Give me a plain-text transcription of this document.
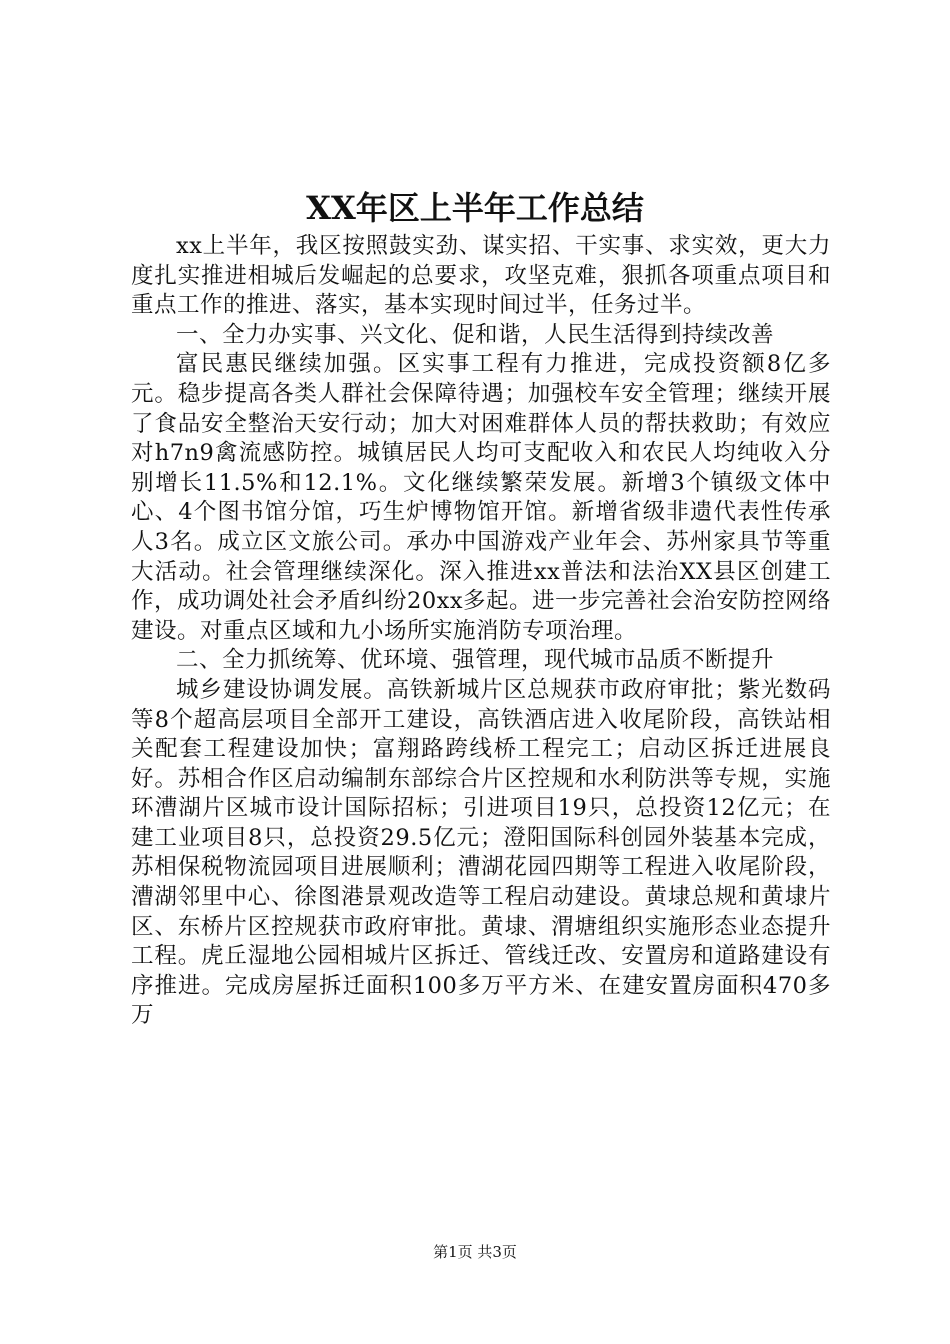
XX年区上半年工作总结

xx上半年，我区按照鼓实劲、谋实招、干实事、求实效，更大力度扎实推进相城后发崛起的总要求，攻坚克难，狠抓各项重点项目和重点工作的推进、落实，基本实现时间过半，任务过半。

一、全力办实事、兴文化、促和谐，人民生活得到持续改善

富民惠民继续加强。区实事工程有力推进，完成投资额8亿多元。稳步提高各类人群社会保障待遇；加强校车安全管理；继续开展了食品安全整治天安行动；加大对困难群体人员的帮扶救助；有效应对h7n9禽流感防控。城镇居民人均可支配收入和农民人均纯收入分别增长11.5%和12.1%。文化继续繁荣发展。新增3个镇级文体中心、4个图书馆分馆，巧生炉博物馆开馆。新增省级非遗代表性传承人3名。成立区文旅公司。承办中国游戏产业年会、苏州家具节等重大活动。社会管理继续深化。深入推进xx普法和法治XX县区创建工作，成功调处社会矛盾纠纷20xx多起。进一步完善社会治安防控网络建设。对重点区域和九小场所实施消防专项治理。

二、全力抓统筹、优环境、强管理，现代城市品质不断提升

城乡建设协调发展。高铁新城片区总规获市政府审批；紫光数码等8个超高层项目全部开工建设，高铁酒店进入收尾阶段，高铁站相关配套工程建设加快；富翔路跨线桥工程完工；启动区拆迁进展良好。苏相合作区启动编制东部综合片区控规和水利防洪等专规，实施环漕湖片区城市设计国际招标；引进项目19只，总投资12亿元；在建工业项目8只，总投资29.5亿元；澄阳国际科创园外装基本完成，苏相保税物流园项目进展顺利；漕湖花园四期等工程进入收尾阶段，漕湖邻里中心、徐图港景观改造等工程启动建设。黄埭总规和黄埭片区、东桥片区控规获市政府审批。黄埭、渭塘组织实施形态业态提升工程。虎丘湿地公园相城片区拆迁、管线迁改、安置房和道路建设有序推进。完成房屋拆迁面积100多万平方米、在建安置房面积470多万

第1页 共3页
